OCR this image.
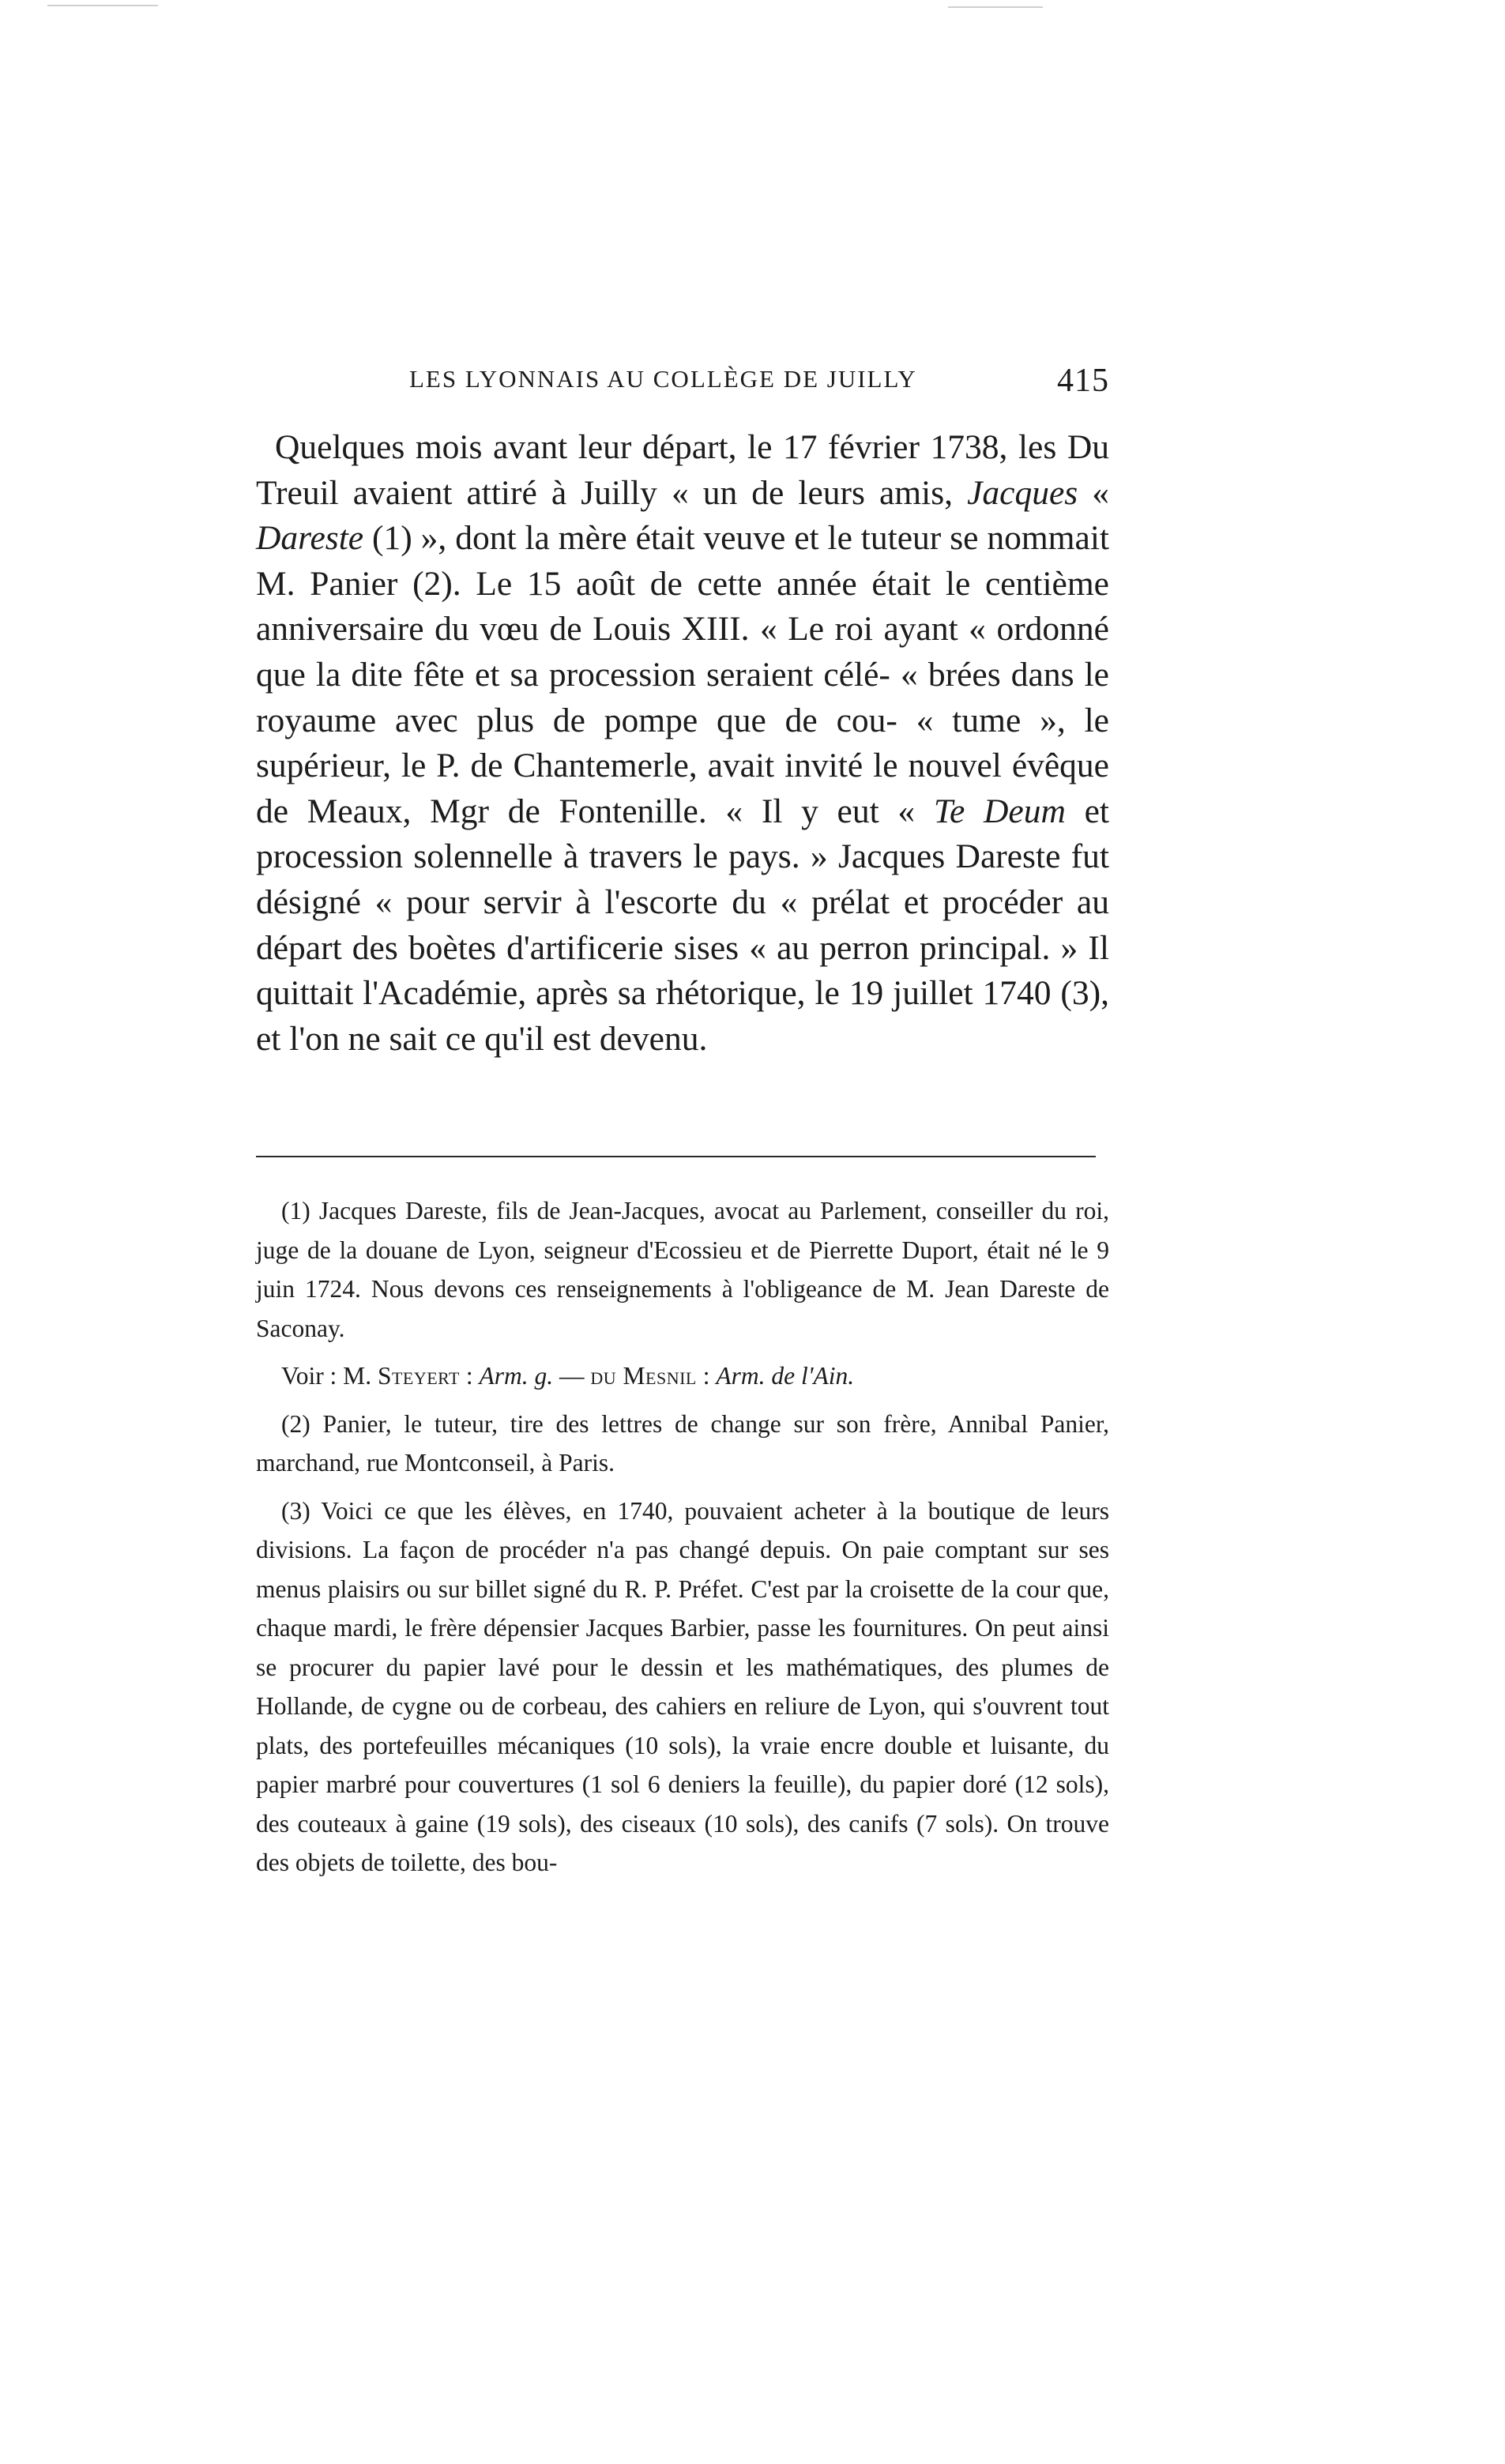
LES LYONNAIS AU COLLÈGE DE JUILLY	415

Quelques mois avant leur départ, le 17 février 1738, les Du Treuil avaient attiré à Juilly « un de leurs amis, Jacques « Dareste (1) », dont la mère était veuve et le tuteur se nommait M. Panier (2). Le 15 août de cette année était le centième anniversaire du vœu de Louis XIII. « Le roi ayant « ordonné que la dite fête et sa procession seraient célé- « brées dans le royaume avec plus de pompe que de cou- « tume », le supérieur, le P. de Chantemerle, avait invité le nouvel évêque de Meaux, Mgr de Fontenille. « Il y eut « Te Deum et procession solennelle à travers le pays. » Jacques Dareste fut désigné « pour servir à l'escorte du « prélat et procéder au départ des boètes d'artificerie sises « au perron principal. » Il quittait l'Académie, après sa rhétorique, le 19 juillet 1740 (3), et l'on ne sait ce qu'il est devenu.

(1) Jacques Dareste, fils de Jean-Jacques, avocat au Parlement, conseiller du roi, juge de la douane de Lyon, seigneur d'Ecossieu et de Pierrette Duport, était né le 9 juin 1724. Nous devons ces renseignements à l'obligeance de M. Jean Dareste de Saconay.

Voir : M. Steyert : Arm. g. — du Mesnil : Arm. de l'Ain.

(2) Panier, le tuteur, tire des lettres de change sur son frère, Annibal Panier, marchand, rue Montconseil, à Paris.

(3) Voici ce que les élèves, en 1740, pouvaient acheter à la boutique de leurs divisions. La façon de procéder n'a pas changé depuis. On paie comptant sur ses menus plaisirs ou sur billet signé du R. P. Préfet. C'est par la croisette de la cour que, chaque mardi, le frère dépensier Jacques Barbier, passe les fournitures. On peut ainsi se procurer du papier lavé pour le dessin et les mathématiques, des plumes de Hollande, de cygne ou de corbeau, des cahiers en reliure de Lyon, qui s'ouvrent tout plats, des portefeuilles mécaniques (10 sols), la vraie encre double et luisante, du papier marbré pour couvertures (1 sol 6 deniers la feuille), du papier doré (12 sols), des couteaux à gaine (19 sols), des ciseaux (10 sols), des canifs (7 sols). On trouve des objets de toilette, des bou-
